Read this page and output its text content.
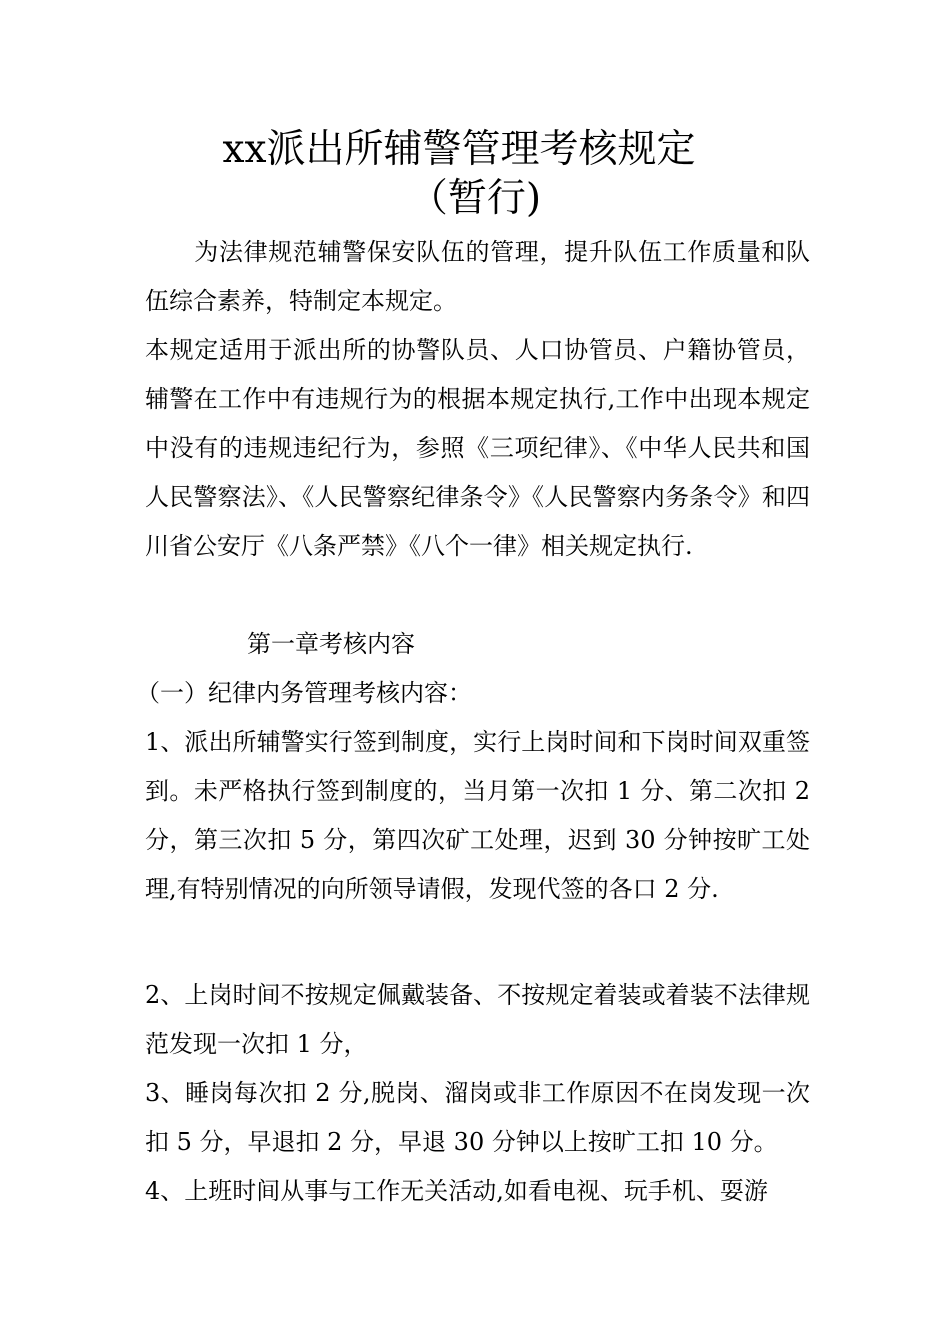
xx派出所辅警管理考核规定
（暂行)
　　为法律规范辅警保安队伍的管理，提升队伍工作质量和队伍综合素养，特制定本规定。
本规定适用于派出所的协警队员、人口协管员、户籍协管员，辅警在工作中有违规行为的根据本规定执行,工作中出现本规定中没有的违规违纪行为，参照《三项纪律》、《中华人民共和国人民警察法》、《人民警察纪律条令》《人民警察内务条令》和四川省公安厅《八条严禁》《八个一律》相关规定执行.
第一章考核内容
（一）纪律内务管理考核内容：
1、派出所辅警实行签到制度，实行上岗时间和下岗时间双重签到。未严格执行签到制度的，当月第一次扣 1 分、第二次扣 2 分，第三次扣 5 分，第四次矿工处理，迟到 30 分钟按旷工处理,有特别情况的向所领导请假，发现代签的各口 2 分.
2、上岗时间不按规定佩戴装备、不按规定着装或着装不法律规范发现一次扣 1 分，
3、睡岗每次扣 2 分,脱岗、溜岗或非工作原因不在岗发现一次扣 5 分，早退扣 2 分，早退 30 分钟以上按旷工扣 10 分。
4、上班时间从事与工作无关活动,如看电视、玩手机、耍游
